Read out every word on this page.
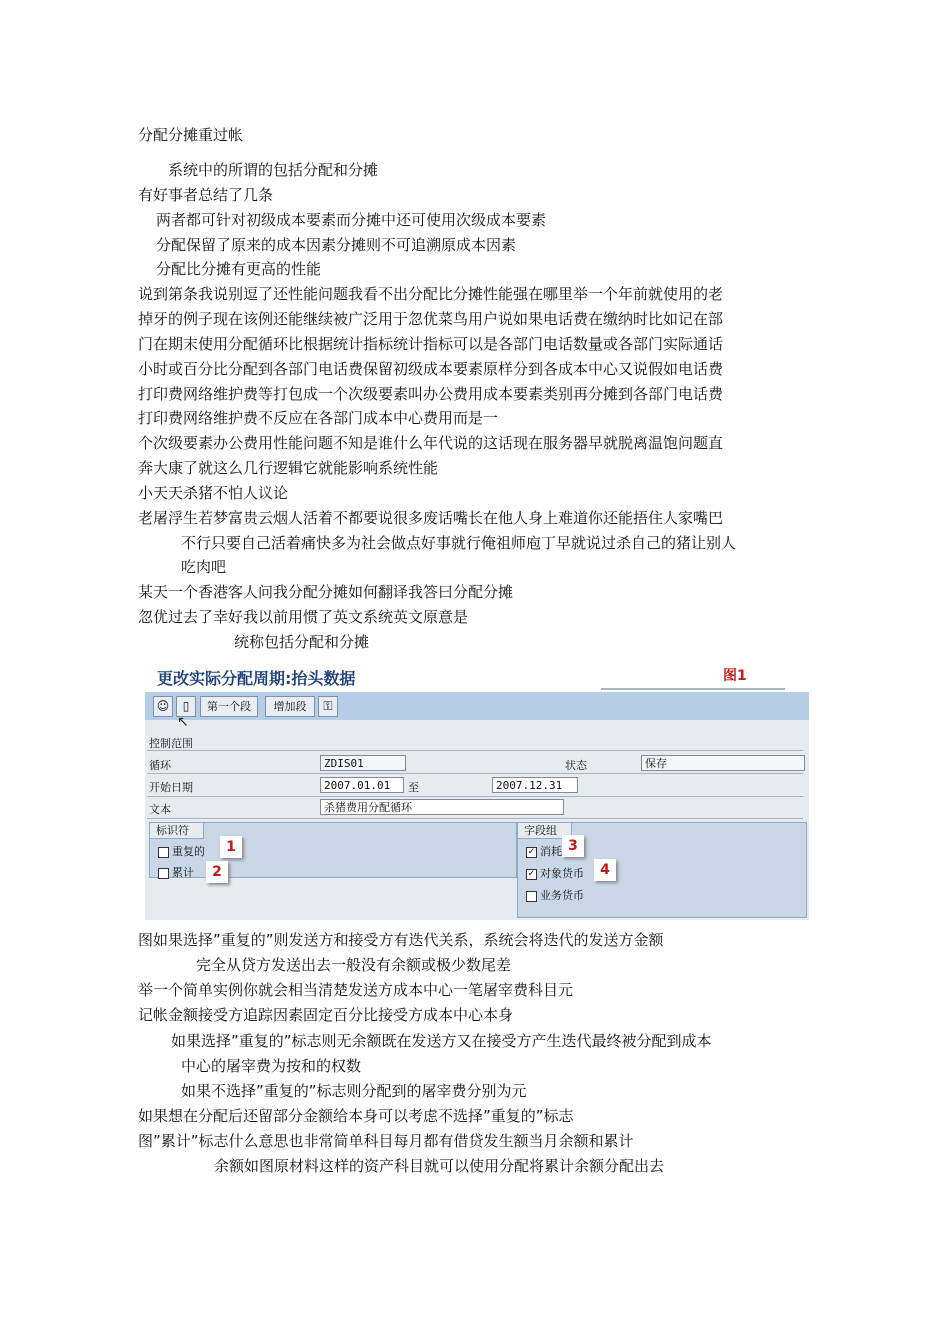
分配分摊重过帐
系统中的所谓的包括分配和分摊
有好事者总结了几条
两者都可针对初级成本要素而分摊中还可使用次级成本要素
分配保留了原来的成本因素分摊则不可追溯原成本因素
分配比分摊有更高的性能
说到第条我说别逗了还性能问题我看不出分配比分摊性能强在哪里举一个年前就使用的老
掉牙的例子现在该例还能继续被广泛用于忽优菜鸟用户说如果电话费在缴纳时比如记在部
门在期末使用分配循环比根据统计指标统计指标可以是各部门电话数量或各部门实际通话
小时或百分比分配到各部门电话费保留初级成本要素原样分到各成本中心又说假如电话费
打印费网络维护费等打包成一个次级要素叫办公费用成本要素类别再分摊到各部门电话费
打印费网络维护费不反应在各部门成本中心费用而是一
个次级要素办公费用性能问题不知是谁什么年代说的这话现在服务器早就脱离温饱问题直
奔大康了就这么几行逻辑它就能影响系统性能
小天天杀猪不怕人议论
老屠浮生若梦富贵云烟人活着不都要说很多废话嘴长在他人身上难道你还能捂住人家嘴巴
不行只要自己活着痛快多为社会做点好事就行俺祖师庖丁早就说过杀自己的猪让别人
吃肉吧
某天一个香港客人问我分配分摊如何翻译我答曰分配分摊
忽优过去了幸好我以前用惯了英文系统英文原意是
统称包括分配和分摊
更改实际分配周期:抬头数据	图1
☺	▯	第一个段	增加段	⚿
↖
控制范围
循环	ZDIS01	状态	保存
开始日期	2007.01.01	至	2007.12.31
文本	杀猪费用分配循环
标识符
重复的
累计
1
2
字段组
✓ 消耗
✓ 对象货币
业务货币
3
4
图如果选择”重复的”则发送方和接受方有迭代关系，系统会将迭代的发送方金额
完全从贷方发送出去一般没有余额或极少数尾差
举一个简单实例你就会相当清楚发送方成本中心一笔屠宰费科目元
记帐金额接受方追踪因素固定百分比接受方成本中心本身
如果选择”重复的”标志则无余额既在发送方又在接受方产生迭代最终被分配到成本
中心的屠宰费为按和的权数
如果不选择”重复的”标志则分配到的屠宰费分别为元
如果想在分配后还留部分金额给本身可以考虑不选择”重复的”标志
图”累计”标志什么意思也非常简单科目每月都有借贷发生额当月余额和累计
余额如图原材料这样的资产科目就可以使用分配将累计余额分配出去
